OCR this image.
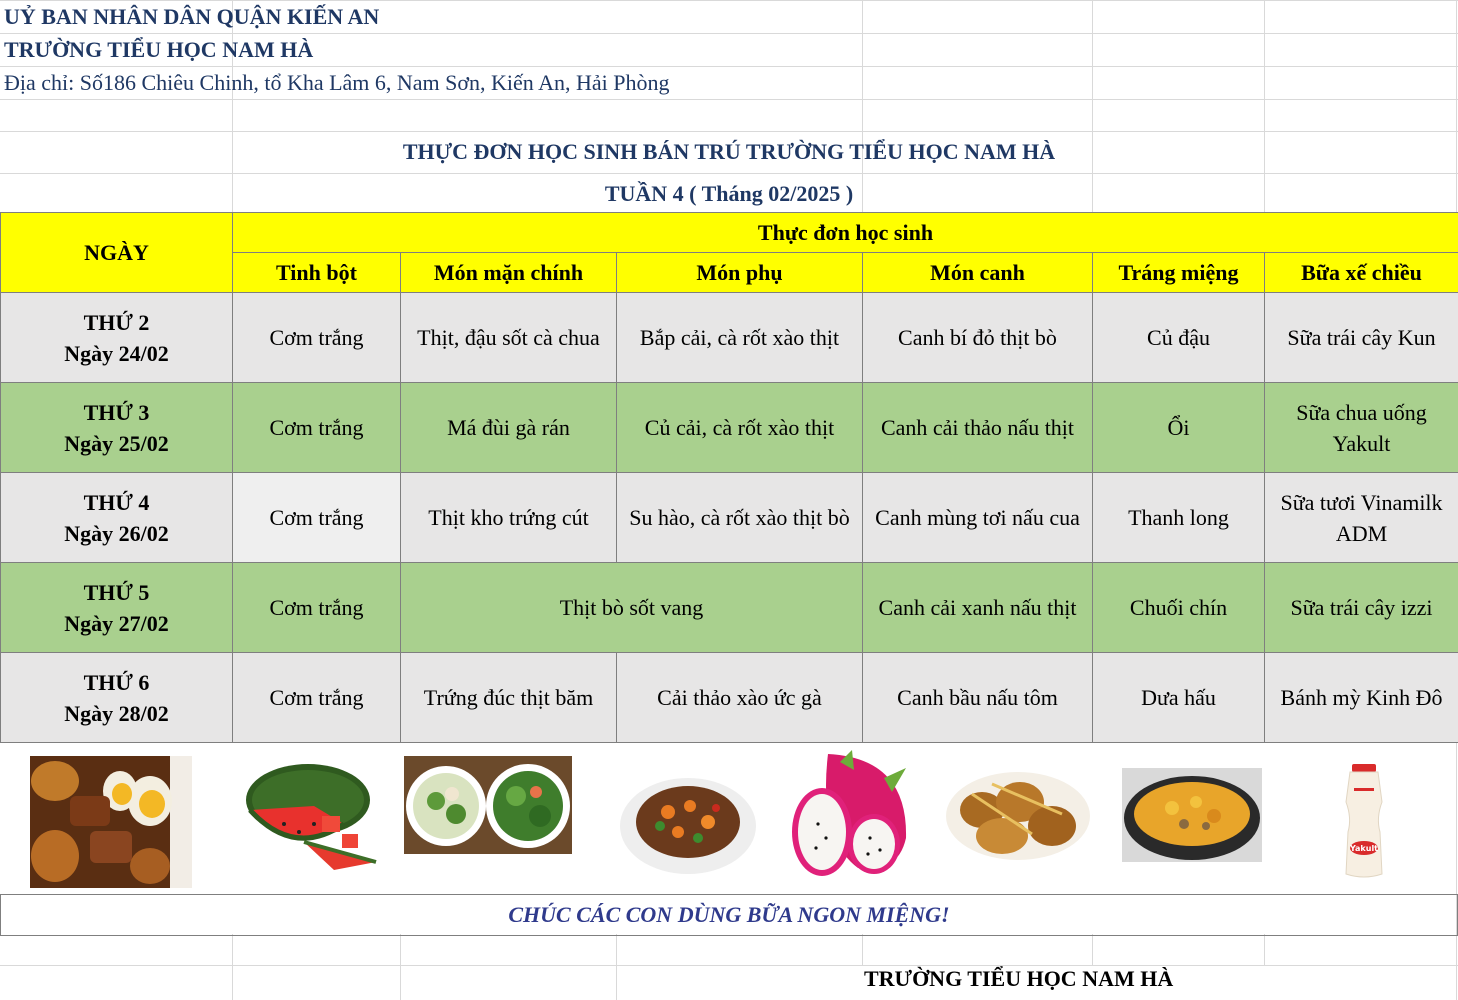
UỶ BAN NHÂN DÂN QUẬN KIẾN AN
TRƯỜNG TIỂU HỌC NAM HÀ
Địa chỉ: Số186 Chiêu Chinh, tổ Kha Lâm 6, Nam Sơn, Kiến An, Hải Phòng
THỰC ĐƠN HỌC SINH BÁN TRÚ TRƯỜNG TIỂU HỌC NAM HÀ
TUẦN 4 ( Tháng 02/2025 )
NGÀY	Thực đơn học sinh					
	Tinh bột	Món mặn chính	Món phụ	Món canh	Tráng miệng	Bữa xế chiều

THỨ 2
Ngày 24/02	Cơm trắng	Thịt, đậu sốt cà chua	Bắp cải, cà rốt xào thịt	Canh bí đỏ thịt bò	Củ đậu	Sữa trái cây Kun

THỨ 3
Ngày 25/02	Cơm trắng	Má đùi gà rán	Củ cải, cà rốt xào thịt	Canh cải thảo nấu thịt	Ổi	Sữa chua uống Yakult

THỨ 4
Ngày 26/02	Cơm trắng	Thịt kho trứng cút	Su hào, cà rốt xào thịt bò	Canh mùng tơi nấu cua	Thanh long	Sữa tươi Vinamilk ADM

THỨ 5
Ngày 27/02	Cơm trắng	Thịt bò sốt vang		Canh cải xanh nấu thịt	Chuối chín	Sữa trái cây izzi

THỨ 6
Ngày 28/02	Cơm trắng	Trứng đúc thịt băm	Cải thảo xào ức gà	Canh bầu nấu tôm	Dưa hấu	Bánh mỳ Kinh Đô
Yakult
CHÚC CÁC CON DÙNG BỮA NGON MIỆNG!
TRƯỜNG TIỂU HỌC NAM HÀ
